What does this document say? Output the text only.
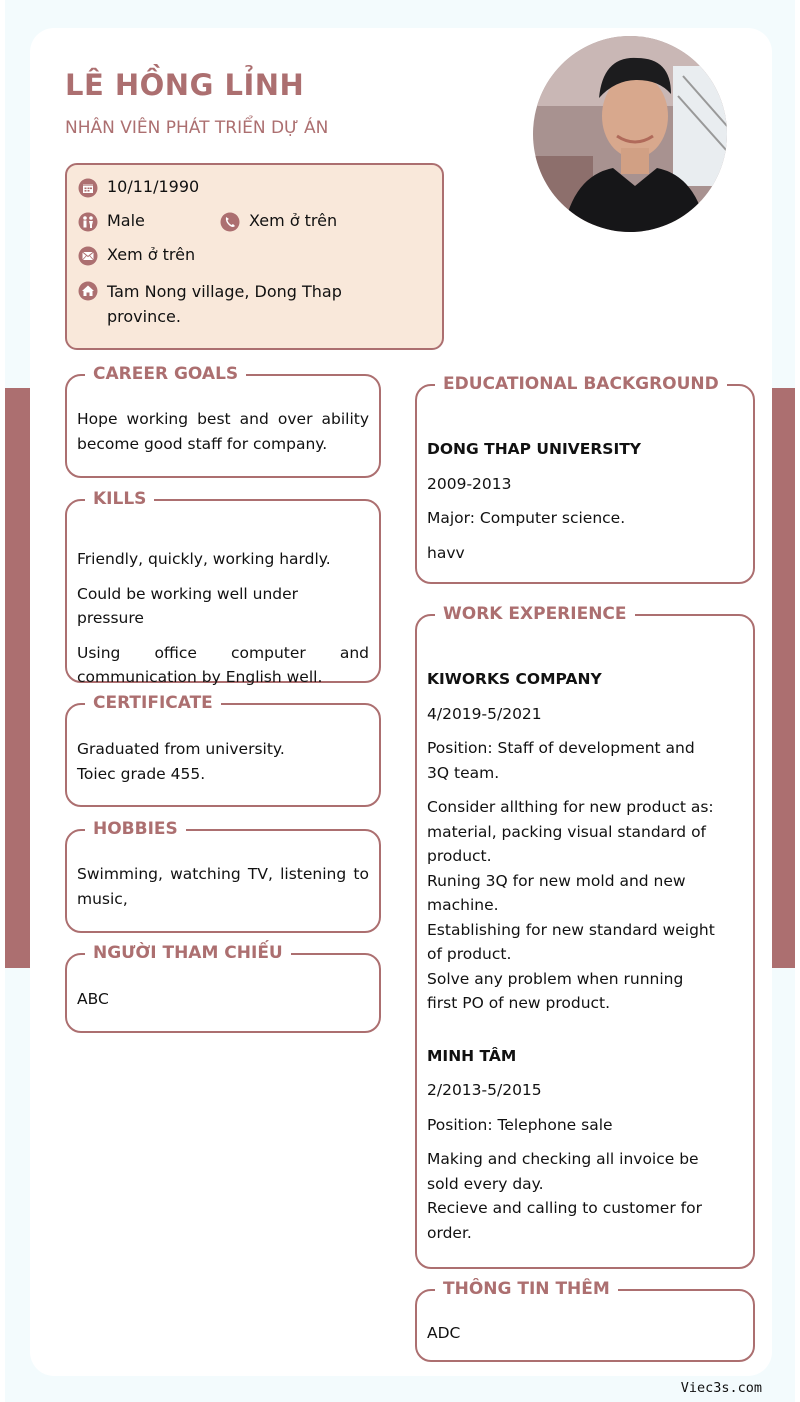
LÊ HỒNG LỈNH
NHÂN VIÊN PHÁT TRIỂN DỰ ÁN
10/11/1990
Male	Xem ở trên
Xem ở trên
Tam Nong village, Dong Thap province.
CAREER GOALS
Hope working best and over ability become good staff for company.
KILLS
Friendly, quickly, working hardly.
Could be working well under pressure
Using office computer and communication by English well.
CERTIFICATE
Graduated from university.
Toiec grade 455.
HOBBIES
Swimming, watching TV, listening to music,
NGƯỜI THAM CHIẾU
ABC
EDUCATIONAL BACKGROUND
DONG THAP UNIVERSITY
2009-2013
Major: Computer science.
havv
WORK EXPERIENCE
KIWORKS COMPANY
4/2019-5/2021
Position: Staff of development and 3Q team.
Consider allthing for new product as: material, packing visual standard of product.
Runing 3Q for new mold and new machine.
Establishing for new standard weight of product.
Solve any problem when running first PO of new product.
MINH TÂM
2/2013-5/2015
Position: Telephone sale
Making and checking all invoice be sold every day.
Recieve and calling to customer for order.
THÔNG TIN THÊM
ADC
Viec3s.com
